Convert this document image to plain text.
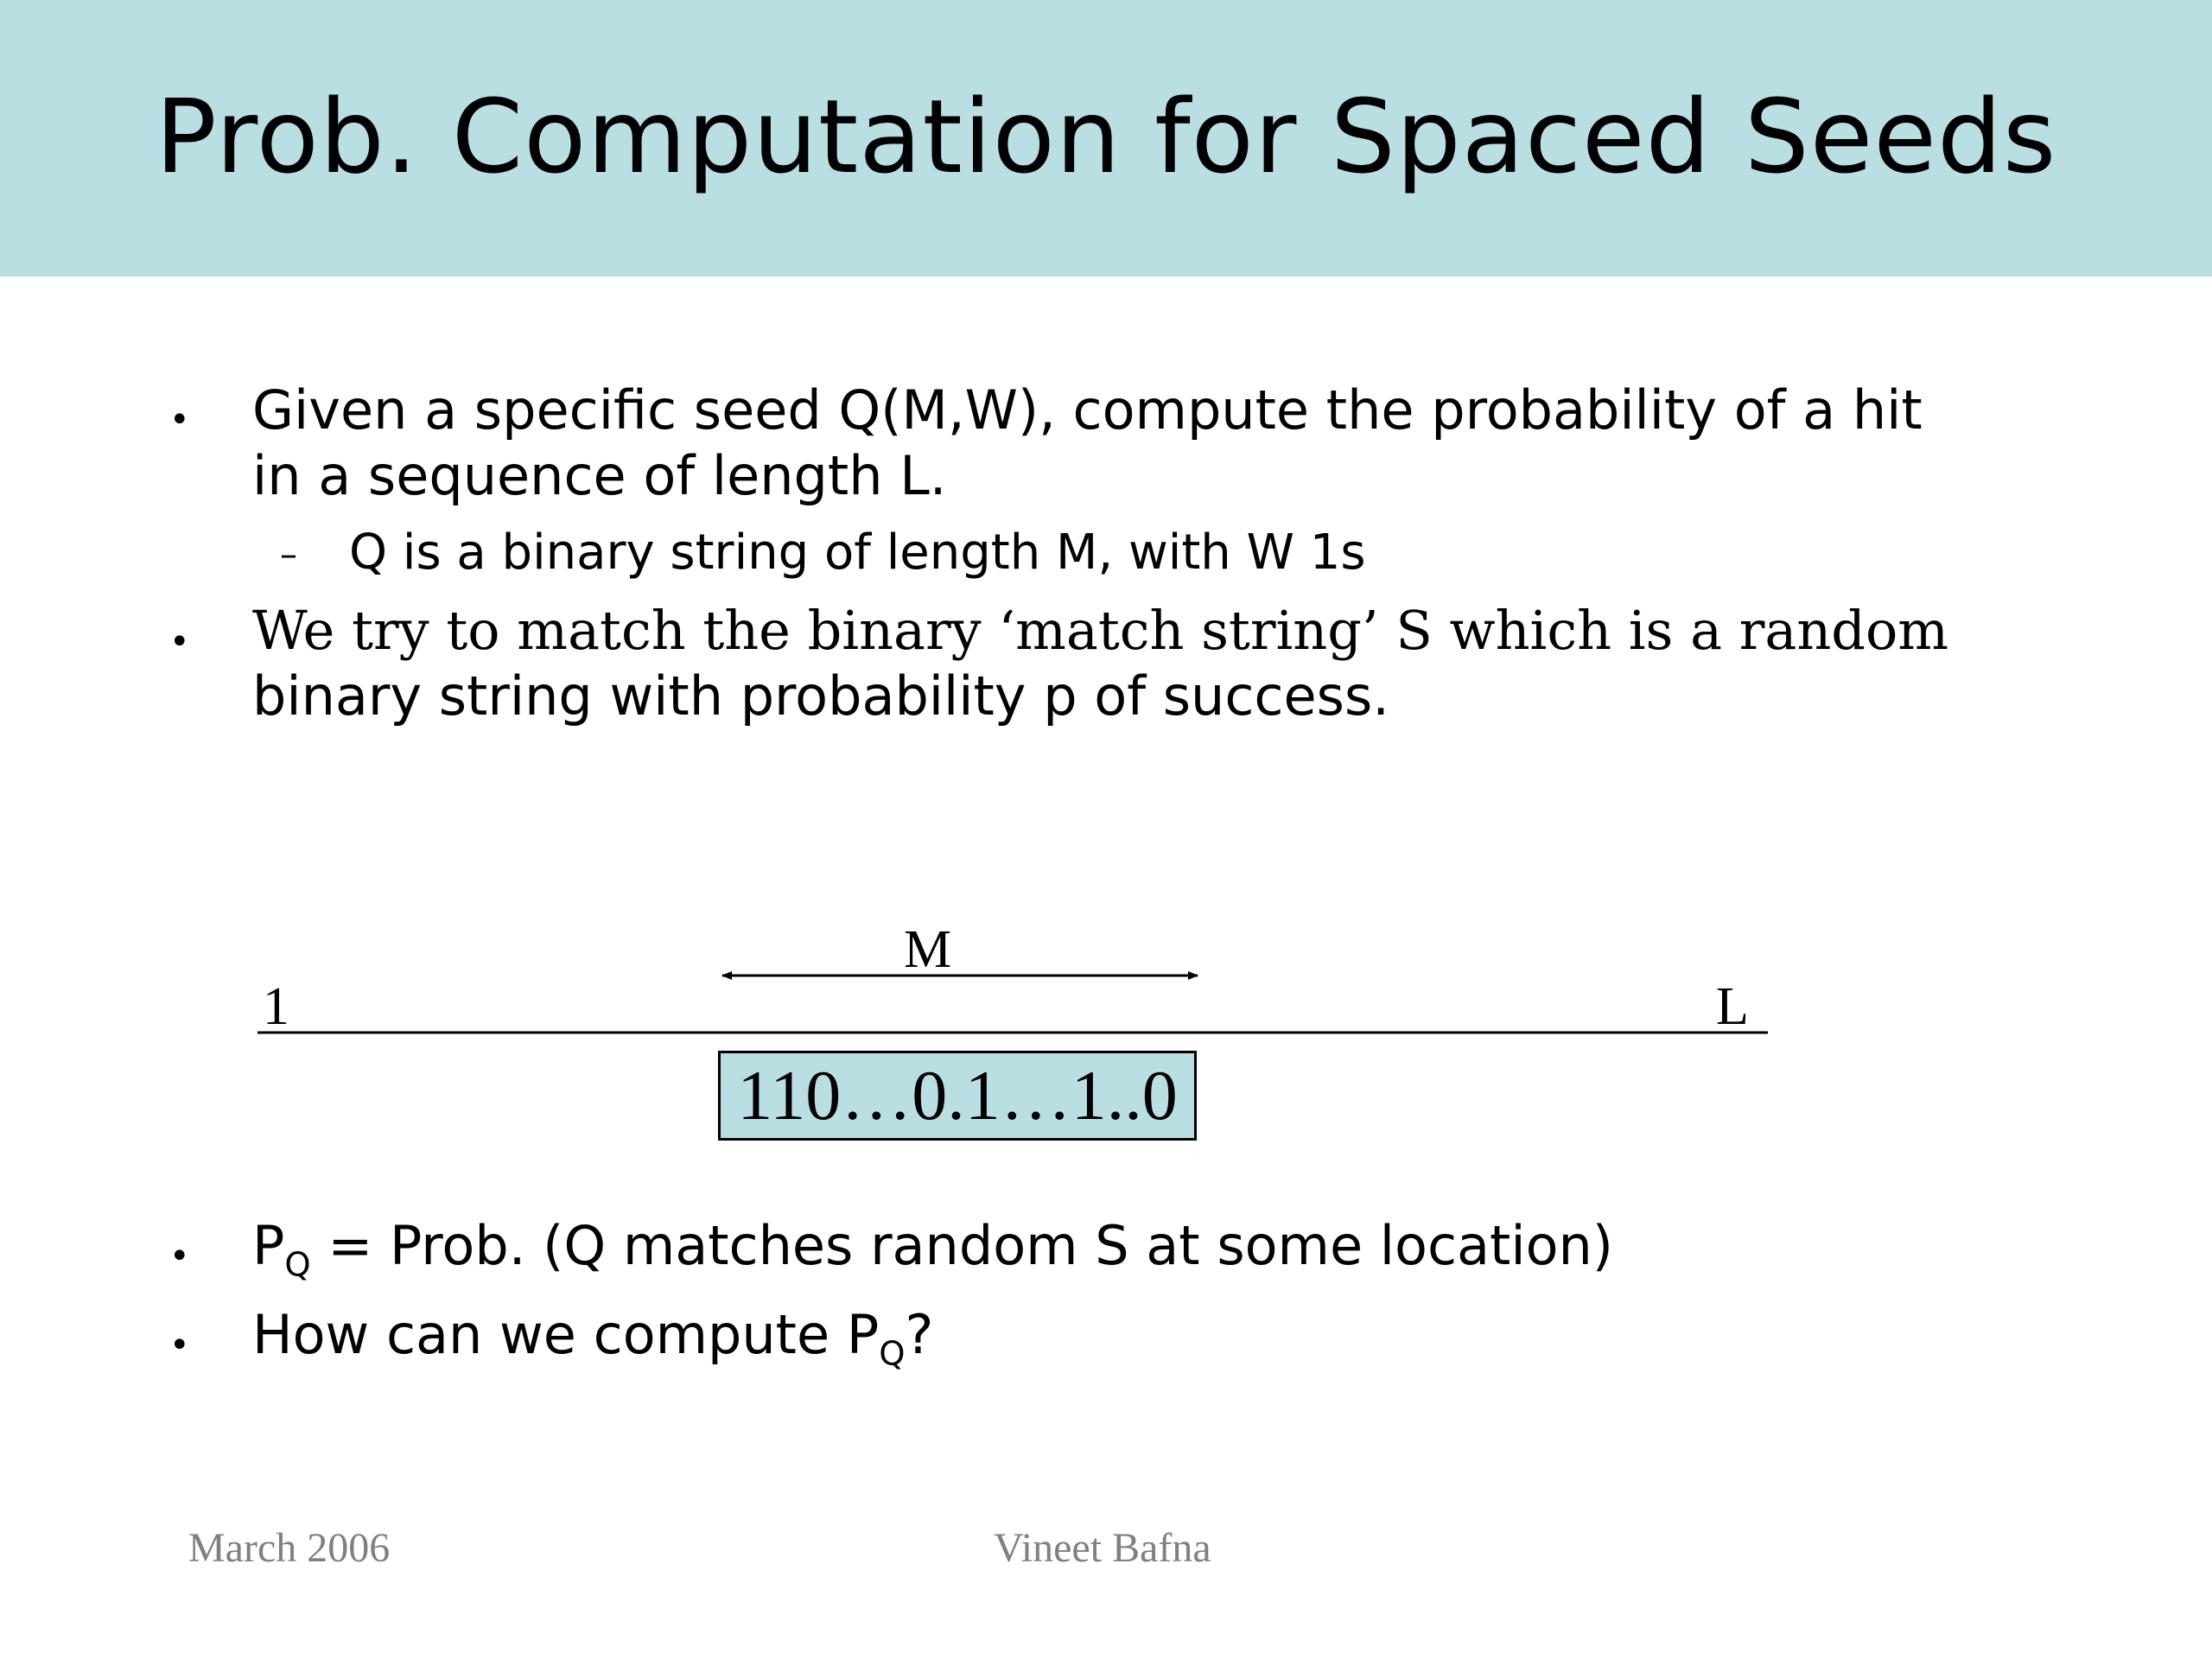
Prob. Computation for Spaced Seeds
• Given a specific seed Q(M,W), compute the probability of a hit
in a sequence of length L.
– Q is a binary string of length M, with W 1s
• We try to match the binary ‘match string’ S which is a random
binary string with probability p of success.
M
1	L
110…0.1…1..0
• $P_Q$ = Prob. (Q matches random S at some location)
• How can we compute $P_Q$?
March 2006	Vineet Bafna
